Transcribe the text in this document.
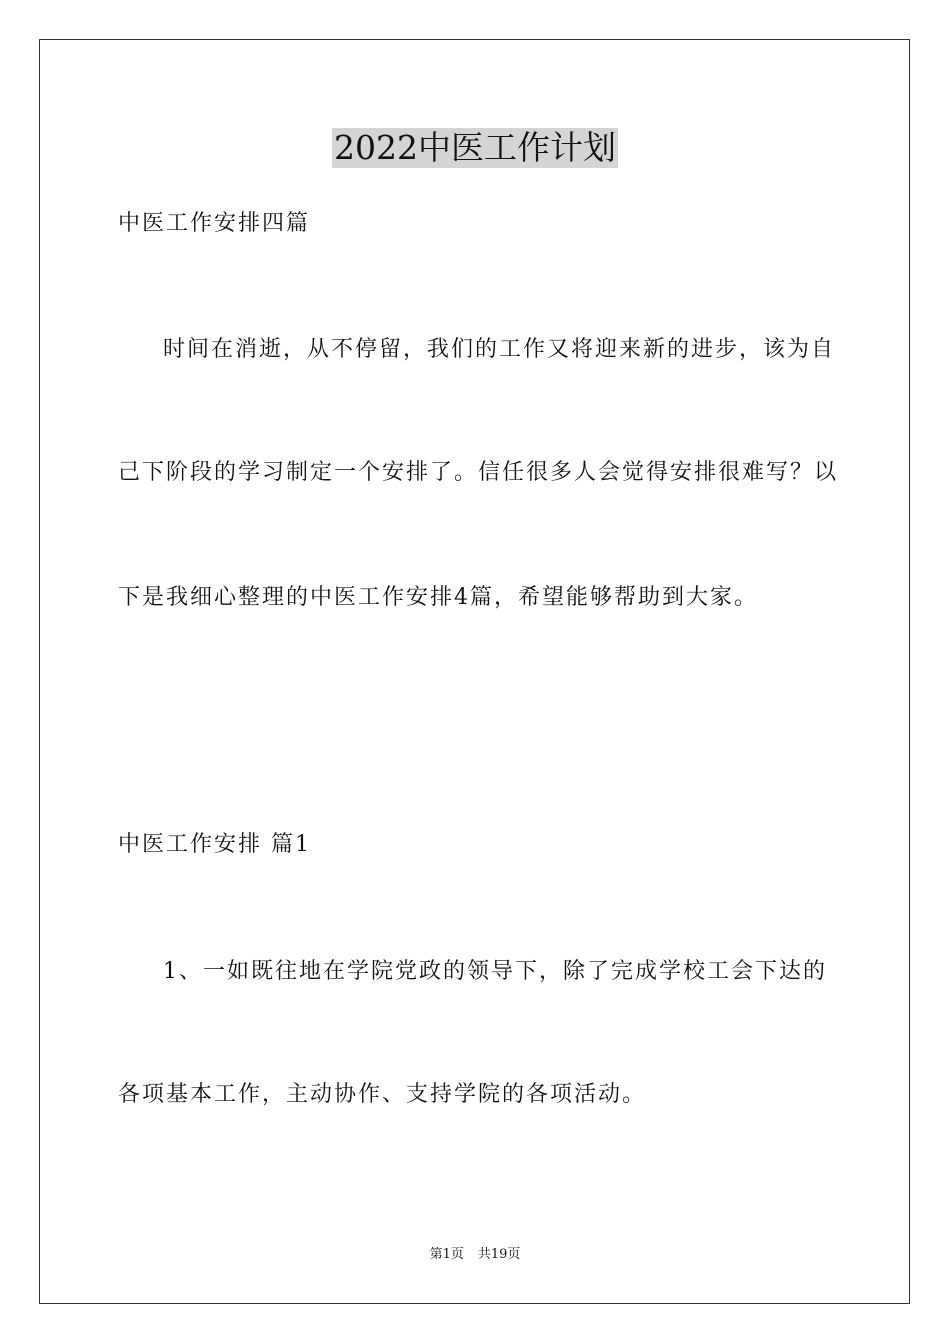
2022中医工作计划
中医工作安排四篇
时间在消逝，从不停留，我们的工作又将迎来新的进步，该为自
己下阶段的学习制定一个安排了。信任很多人会觉得安排很难写？以
下是我细心整理的中医工作安排4篇，希望能够帮助到大家。
中医工作安排 篇1
1、一如既往地在学院党政的领导下，除了完成学校工会下达的
各项基本工作，主动协作、支持学院的各项活动。
第1页 共19页
